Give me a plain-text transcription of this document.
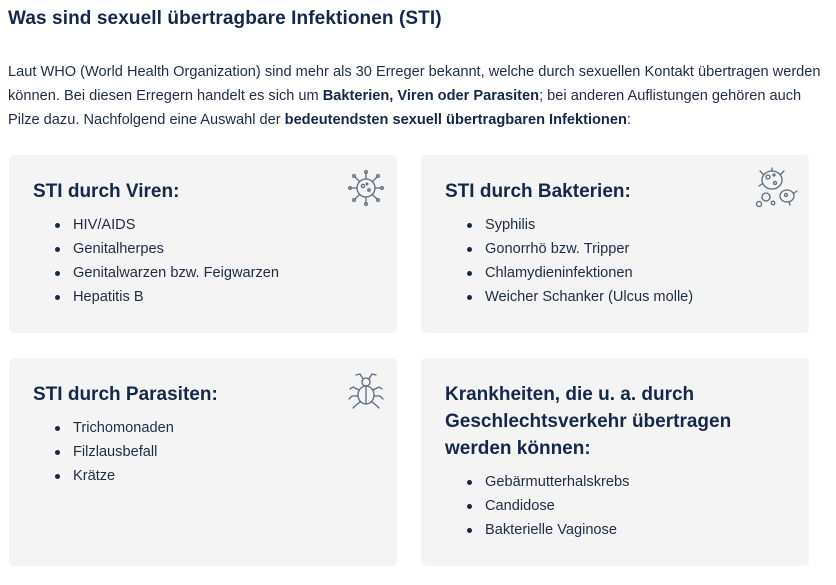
Was sind sexuell übertragbare Infektionen (STI)

Laut WHO (World Health Organization) sind mehr als 30 Erreger bekannt, welche durch sexuellen Kontakt übertragen werden können. Bei diesen Erregern handelt es sich um Bakterien, Viren oder Parasiten; bei anderen Auflistungen gehören auch Pilze dazu. Nachfolgend eine Auswahl der bedeutendsten sexuell übertragbaren Infektionen:

STI durch Viren:
HIV/AIDS
Genitalherpes
Genitalwarzen bzw. Feigwarzen
Hepatitis B
STI durch Bakterien:
Syphilis
Gonorrhö bzw. Tripper
Chlamydieninfektionen
Weicher Schanker (Ulcus molle)
STI durch Parasiten:
Trichomonaden
Filzlausbefall
Krätze
Krankheiten, die u. a. durch
Geschlechtsverkehr übertragen
werden können:
Gebärmutterhalskrebs
Candidose
Bakterielle Vaginose
